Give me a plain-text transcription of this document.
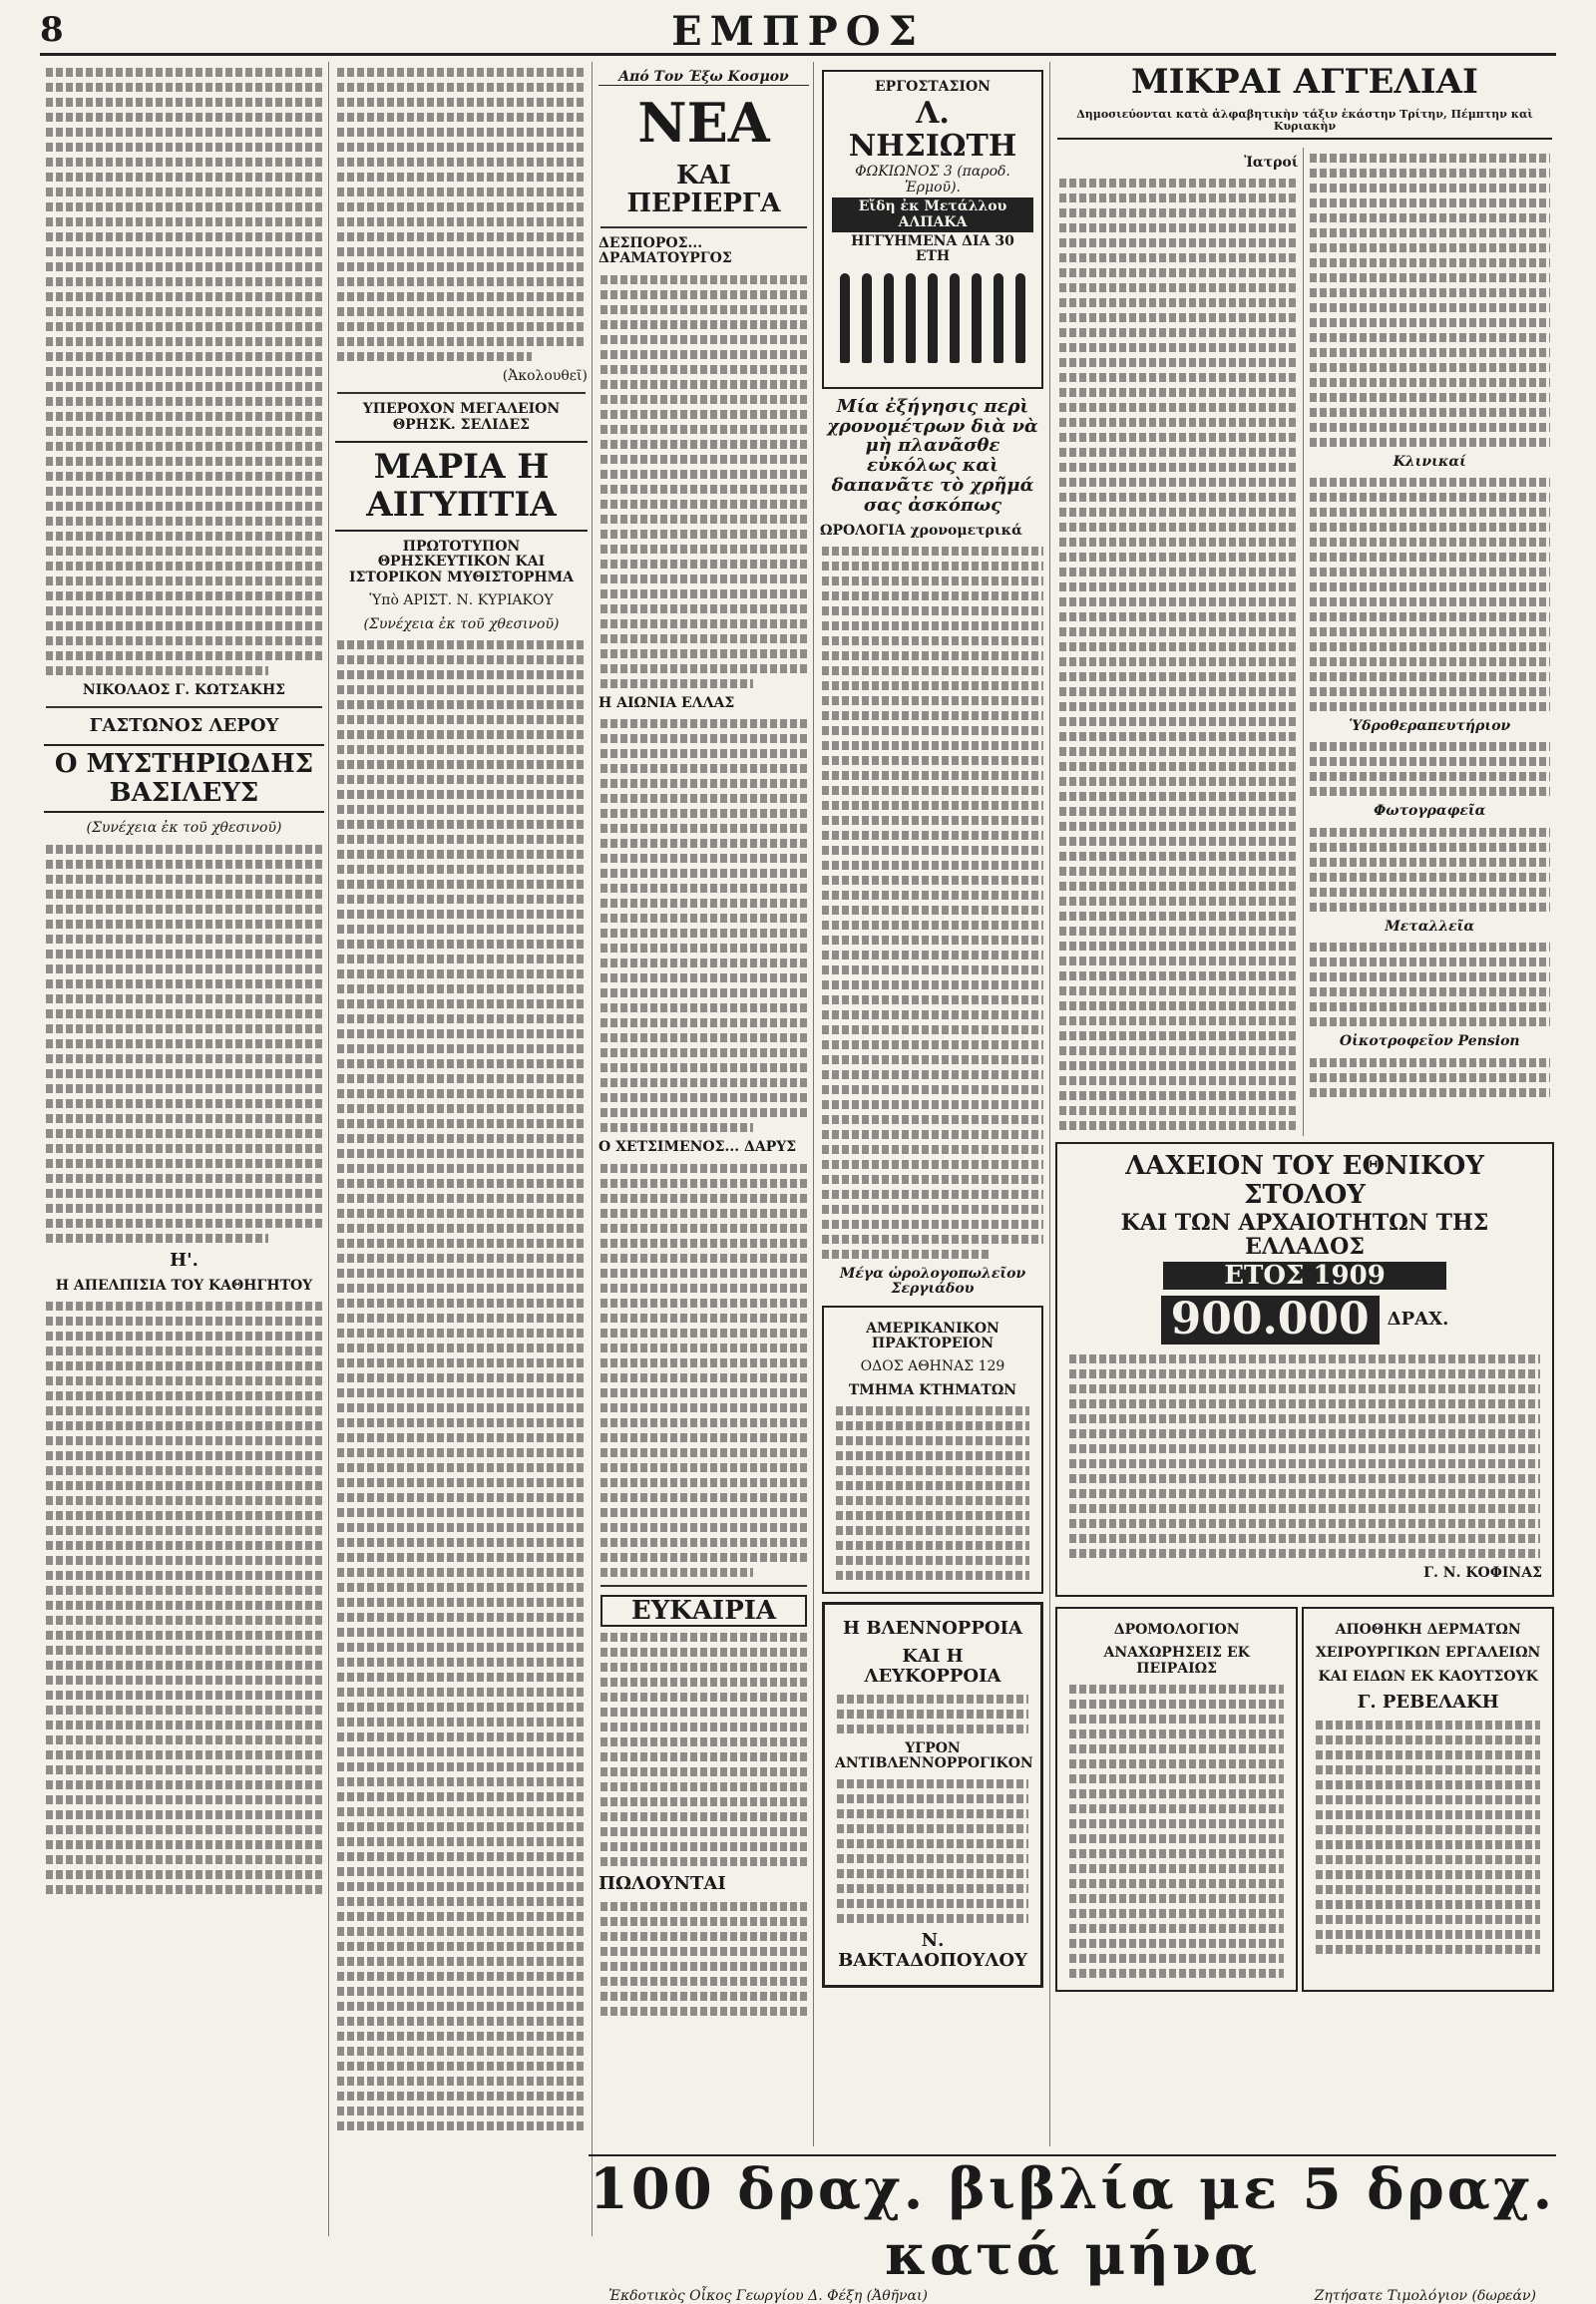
8	ΕΜΠΡΟΣ
ΝΙΚΟΛΑΟΣ Γ. ΚΩΤΣΑΚΗΣ
ΓΑΣΤΩΝΟΣ ΛΕΡΟΥ
Ο ΜΥΣΤΗΡΙΩΔΗΣ ΒΑΣΙΛΕΥΣ
(Συνέχεια ἐκ τοῦ χθεσινοῦ)
Η'.
Η ΑΠΕΛΠΙΣΙΑ ΤΟΥ ΚΑΘΗΓΗΤΟΥ
(Ἀκολουθεῖ)
ΥΠΕΡΟΧΟΝ ΜΕΓΑΛΕΙΟΝ ΘΡΗΣΚ. ΣΕΛΙΔΕΣ
ΜΑΡΙΑ Η ΑΙΓΥΠΤΙΑ
ΠΡΩΤΟΤΥΠΟΝ ΘΡΗΣΚΕΥΤΙΚΟΝ ΚΑΙ ΙΣΤΟΡΙΚΟΝ ΜΥΘΙΣΤΟΡΗΜΑ
Ὑπὸ ΑΡΙΣΤ. Ν. ΚΥΡΙΑΚΟΥ
(Συνέχεια ἐκ τοῦ χθεσινοῦ)
Από Τον Έξω Κοσμον
ΝΕΑ
ΚΑΙ ΠΕΡΙΕΡΓΑ
ΔΕΣΠΟΡΟΣ... ΔΡΑΜΑΤΟΥΡΓΟΣ
Η ΑΙΩΝΙΑ ΕΛΛΑΣ
Ο ΧΕΤΣΙΜΕΝΟΣ... ΔΑΡΥΣ
ΕΥΚΑΙΡΙΑ
ΠΩΛΟΥΝΤΑΙ
ΕΡΓΟΣΤΑΣΙΟΝ
Λ. ΝΗΣΙΩΤΗ
ΦΩΚΙΩΝΟΣ 3 (παροδ. Ἑρμοῦ).
Εἴδη ἐκ Μετάλλου ΑΛΠΑΚΑ
ΗΓΓΥΗΜΕΝΑ ΔΙΑ 30 ΕΤΗ
Μία ἐξήγησις περὶ χρονομέτρων διὰ νὰ μὴ πλανᾶσθε εὐκόλως καὶ δαπανᾶτε τὸ χρῆμά σας ἀσκόπως
ΩΡΟΛΟΓΙΑ χρονομετρικά
Μέγα ὡρολογοπωλεῖον Σεργιάδου
ΑΜΕΡΙΚΑΝΙΚΟΝ ΠΡΑΚΤΟΡΕΙΟΝ
ΟΔΟΣ ΑΘΗΝΑΣ 129
ΤΜΗΜΑ ΚΤΗΜΑΤΩΝ
Η ΒΛΕΝΝΟΡΡΟΙΑ
ΚΑΙ Η ΛΕΥΚΟΡΡΟΙΑ
ΥΓΡΟΝ ΑΝΤΙΒΛΕΝΝΟΡΡΟΓΙΚΟΝ
Ν. ΒΑΚΤΑΔΟΠΟΥΛΟΥ
ΜΙΚΡΑΙ ΑΓΓΕΛΙΑΙ
Δημοσιεύονται κατὰ ἀλφαβητικὴν τάξιν ἑκάστην Τρίτην, Πέμπτην καὶ Κυριακὴν
Ἰατροί
Κλινικαί
Ὑδροθεραπευτήριον
Φωτογραφεῖα
Μεταλλεῖα
Οἰκοτροφεῖον Pension
ΛΑΧΕΙΟΝ ΤΟΥ ΕΘΝΙΚΟΥ ΣΤΟΛΟΥ
ΚΑΙ ΤΩΝ ΑΡΧΑΙΟΤΗΤΩΝ ΤΗΣ ΕΛΛΑΔΟΣ
ΕΤΟΣ 1909
900.000	ΔΡΑΧ.
Γ. Ν. ΚΟΦΙΝΑΣ
ΔΡΟΜΟΛΟΓΙΟΝ
ΑΝΑΧΩΡΗΣΕΙΣ ΕΚ ΠΕΙΡΑΙΩΣ
ΑΠΟΘΗΚΗ ΔΕΡΜΑΤΩΝ
ΧΕΙΡΟΥΡΓΙΚΩΝ ΕΡΓΑΛΕΙΩΝ
ΚΑΙ ΕΙΔΩΝ ΕΚ ΚΑΟΥΤΣΟΥΚ
Γ. ΡΕΒΕΛΑΚΗ
100 δραχ. βιβλία με 5 δραχ. κατά μήνα
Ἐκδοτικὸς Οἶκος Γεωργίου Δ. Φέξη (Ἀθῆναι)	Ζητήσατε Τιμολόγιον (δωρεάν)
